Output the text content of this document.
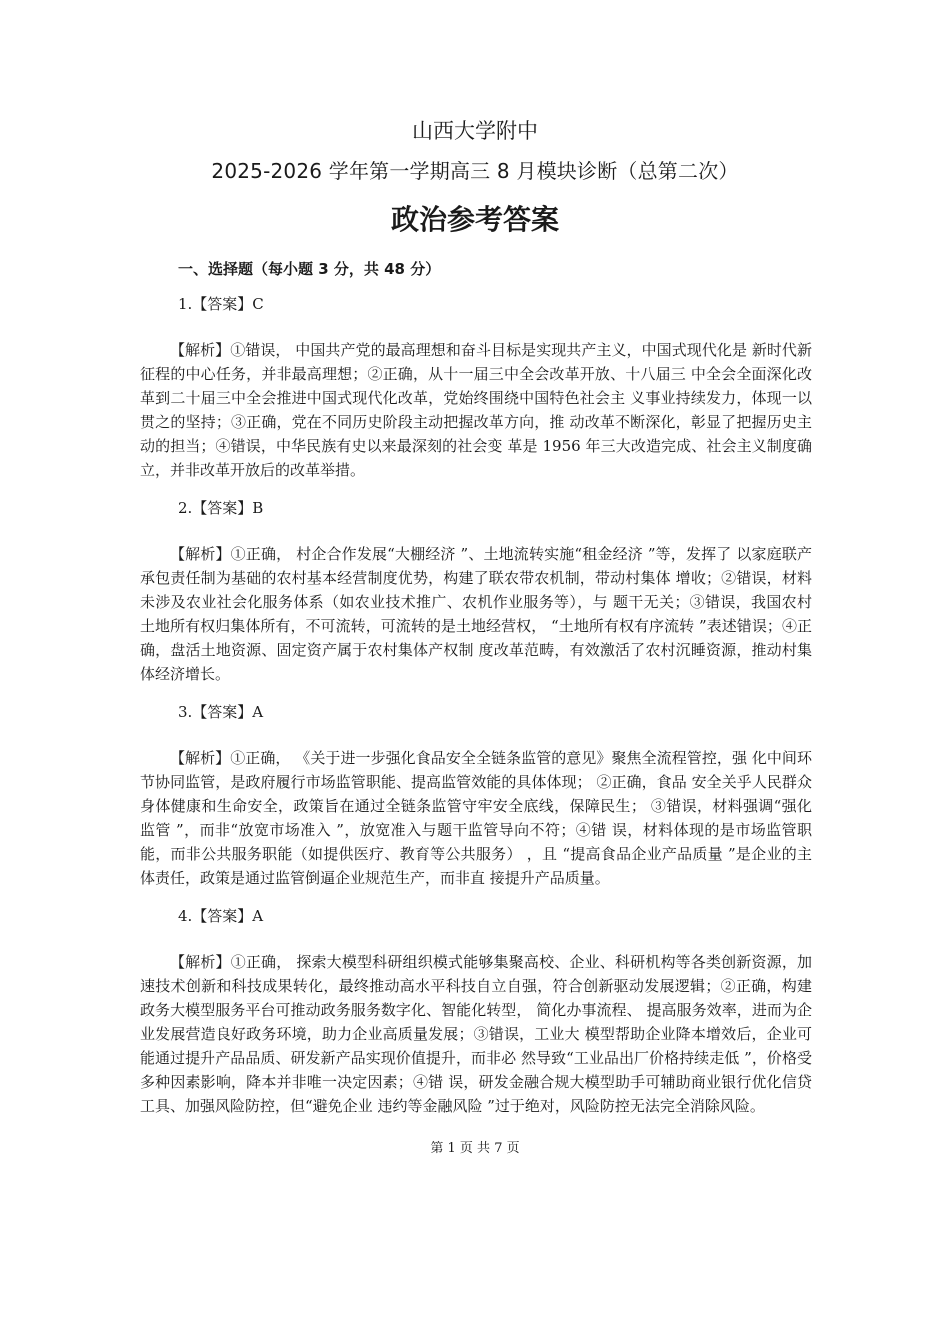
山西大学附中
2025-2026 学年第一学期高三 8 月模块诊断（总第二次）
政治参考答案
一、选择题（每小题 3 分，共 48 分）

1.【答案】C

【解析】①错误， 中国共产党的最高理想和奋斗目标是实现共产主义，中国式现代化是 新时代新征程的中心任务，并非最高理想；②正确，从十一届三中全会改革开放、十八届三 中全会全面深化改革到二十届三中全会推进中国式现代化改革，党始终围绕中国特色社会主 义事业持续发力，体现一以贯之的坚持；③正确，党在不同历史阶段主动把握改革方向，推 动改革不断深化，彰显了把握历史主动的担当；④错误，中华民族有史以来最深刻的社会变 革是 1956 年三大改造完成、社会主义制度确立，并非改革开放后的改革举措。

2.【答案】B

【解析】①正确， 村企合作发展“大棚经济 ”、土地流转实施“租金经济 ”等，发挥了 以家庭联产承包责任制为基础的农村基本经营制度优势，构建了联农带农机制，带动村集体 增收；②错误，材料未涉及农业社会化服务体系（如农业技术推广、农机作业服务等），与 题干无关；③错误，我国农村土地所有权归集体所有，不可流转，可流转的是土地经营权， “土地所有权有序流转 ”表述错误；④正确，盘活土地资源、固定资产属于农村集体产权制 度改革范畴，有效激活了农村沉睡资源，推动村集体经济增长。

3.【答案】A

【解析】①正确， 《关于进一步强化食品安全全链条监管的意见》聚焦全流程管控，强 化中间环节协同监管，是政府履行市场监管职能、提高监管效能的具体体现； ②正确，食品 安全关乎人民群众身体健康和生命安全，政策旨在通过全链条监管守牢安全底线，保障民生； ③错误，材料强调“强化监管 ”，而非“放宽市场准入 ”，放宽准入与题干监管导向不符；④错 误，材料体现的是市场监管职能，而非公共服务职能（如提供医疗、教育等公共服务） ，且 “提高食品企业产品质量 ”是企业的主体责任，政策是通过监管倒逼企业规范生产，而非直 接提升产品质量。

4.【答案】A

【解析】①正确， 探索大模型科研组织模式能够集聚高校、企业、科研机构等各类创新资源，加速技术创新和科技成果转化，最终推动高水平科技自立自强，符合创新驱动发展逻辑；②正确，构建政务大模型服务平台可推动政务服务数字化、智能化转型， 简化办事流程、 提高服务效率，进而为企业发展营造良好政务环境，助力企业高质量发展；③错误，工业大 模型帮助企业降本增效后，企业可能通过提升产品品质、研发新产品实现价值提升，而非必 然导致“工业品出厂价格持续走低 ”，价格受多种因素影响，降本并非唯一决定因素；④错 误，研发金融合规大模型助手可辅助商业银行优化信贷工具、加强风险防控，但“避免企业 违约等金融风险 ”过于绝对，风险防控无法完全消除风险。

第 1 页 共 7 页
